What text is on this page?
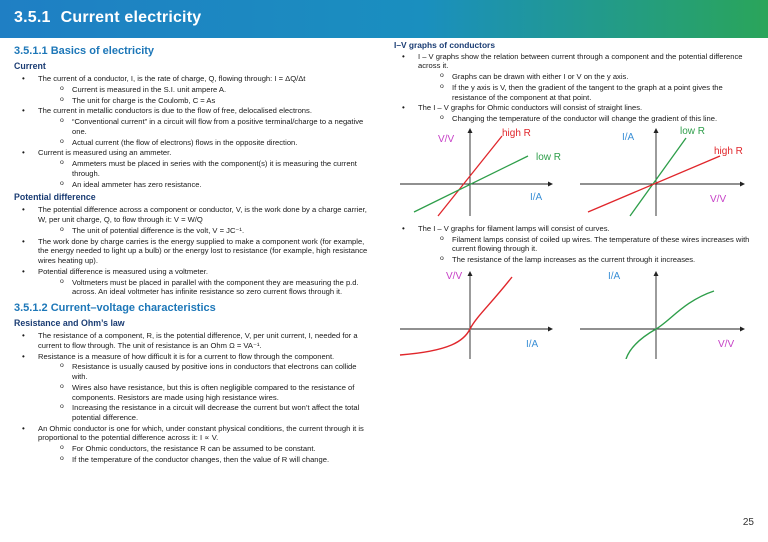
3.5.1 Current electricity
3.5.1.1 Basics of electricity
Current
• The current of a conductor, I, is the rate of charge, Q, flowing through: I = ΔQ/Δt
o Current is measured in the S.I. unit ampere A.
o The unit for charge is the Coulomb, C = As
• The current in metallic conductors is due to the flow of free, delocalised electrons.
o “Conventional current” in a circuit will flow from a positive terminal/charge to a negative one.
o Actual current (the flow of electrons) flows in the opposite direction.
• Current is measured using an ammeter.
o Ammeters must be placed in series with the component(s) it is measuring the current through.
o An ideal ammeter has zero resistance.
Potential difference
• The potential difference across a component or conductor, V, is the work done by a charge carrier, W, per unit charge, Q, to flow through it: V = W/Q
o The unit of potential difference is the volt, V = JC⁻¹.
• The work done by charge carries is the energy supplied to make a component work (for example, the energy needed to light up a bulb) or the energy lost to resistance (for example, high resistance wires heating up).
• Potential difference is measured using a voltmeter.
o Voltmeters must be placed in parallel with the component they are measuring the p.d. across. An ideal voltmeter has infinite resistance so zero current flows through it.
3.5.1.2 Current–voltage characteristics
Resistance and Ohm’s law
• The resistance of a component, R, is the potential difference, V, per unit current, I, needed for a current to flow through. The unit of resistance is an Ohm Ω = VA⁻¹.
• Resistance is a measure of how difficult it is for a current to flow through the component.
o Resistance is usually caused by positive ions in conductors that electrons can collide with.
o Wires also have resistance, but this is often negligible compared to the resistance of components. Resistors are made using high resistance wires.
o Increasing the resistance in a circuit will decrease the current but won’t affect the total potential difference.
• An Ohmic conductor is one for which, under constant physical conditions, the current through it is proportional to the potential difference across it: I ∝ V.
o For Ohmic conductors, the resistance R can be assumed to be constant.
o If the temperature of the conductor changes, then the value of R will change.
I–V graphs of conductors
• I – V graphs show the relation between current through a component and the potential difference across it.
o Graphs can be drawn with either I or V on the y axis.
o If the y axis is V, then the gradient of the tangent to the graph at a point gives the resistance of the component at that point.
• The I – V graphs for Ohmic conductors will consist of straight lines.
o Changing the temperature of the conductor will change the gradient of this line.
V/V
high R
low R
I/A
I/A
low R
high R
V/V
• The I – V graphs for filament lamps will consist of curves.
o Filament lamps consist of coiled up wires. The temperature of these wires increases with current flowing through it.
o The resistance of the lamp increases as the current through it increases.
V/V
I/A
I/A
V/V
25
